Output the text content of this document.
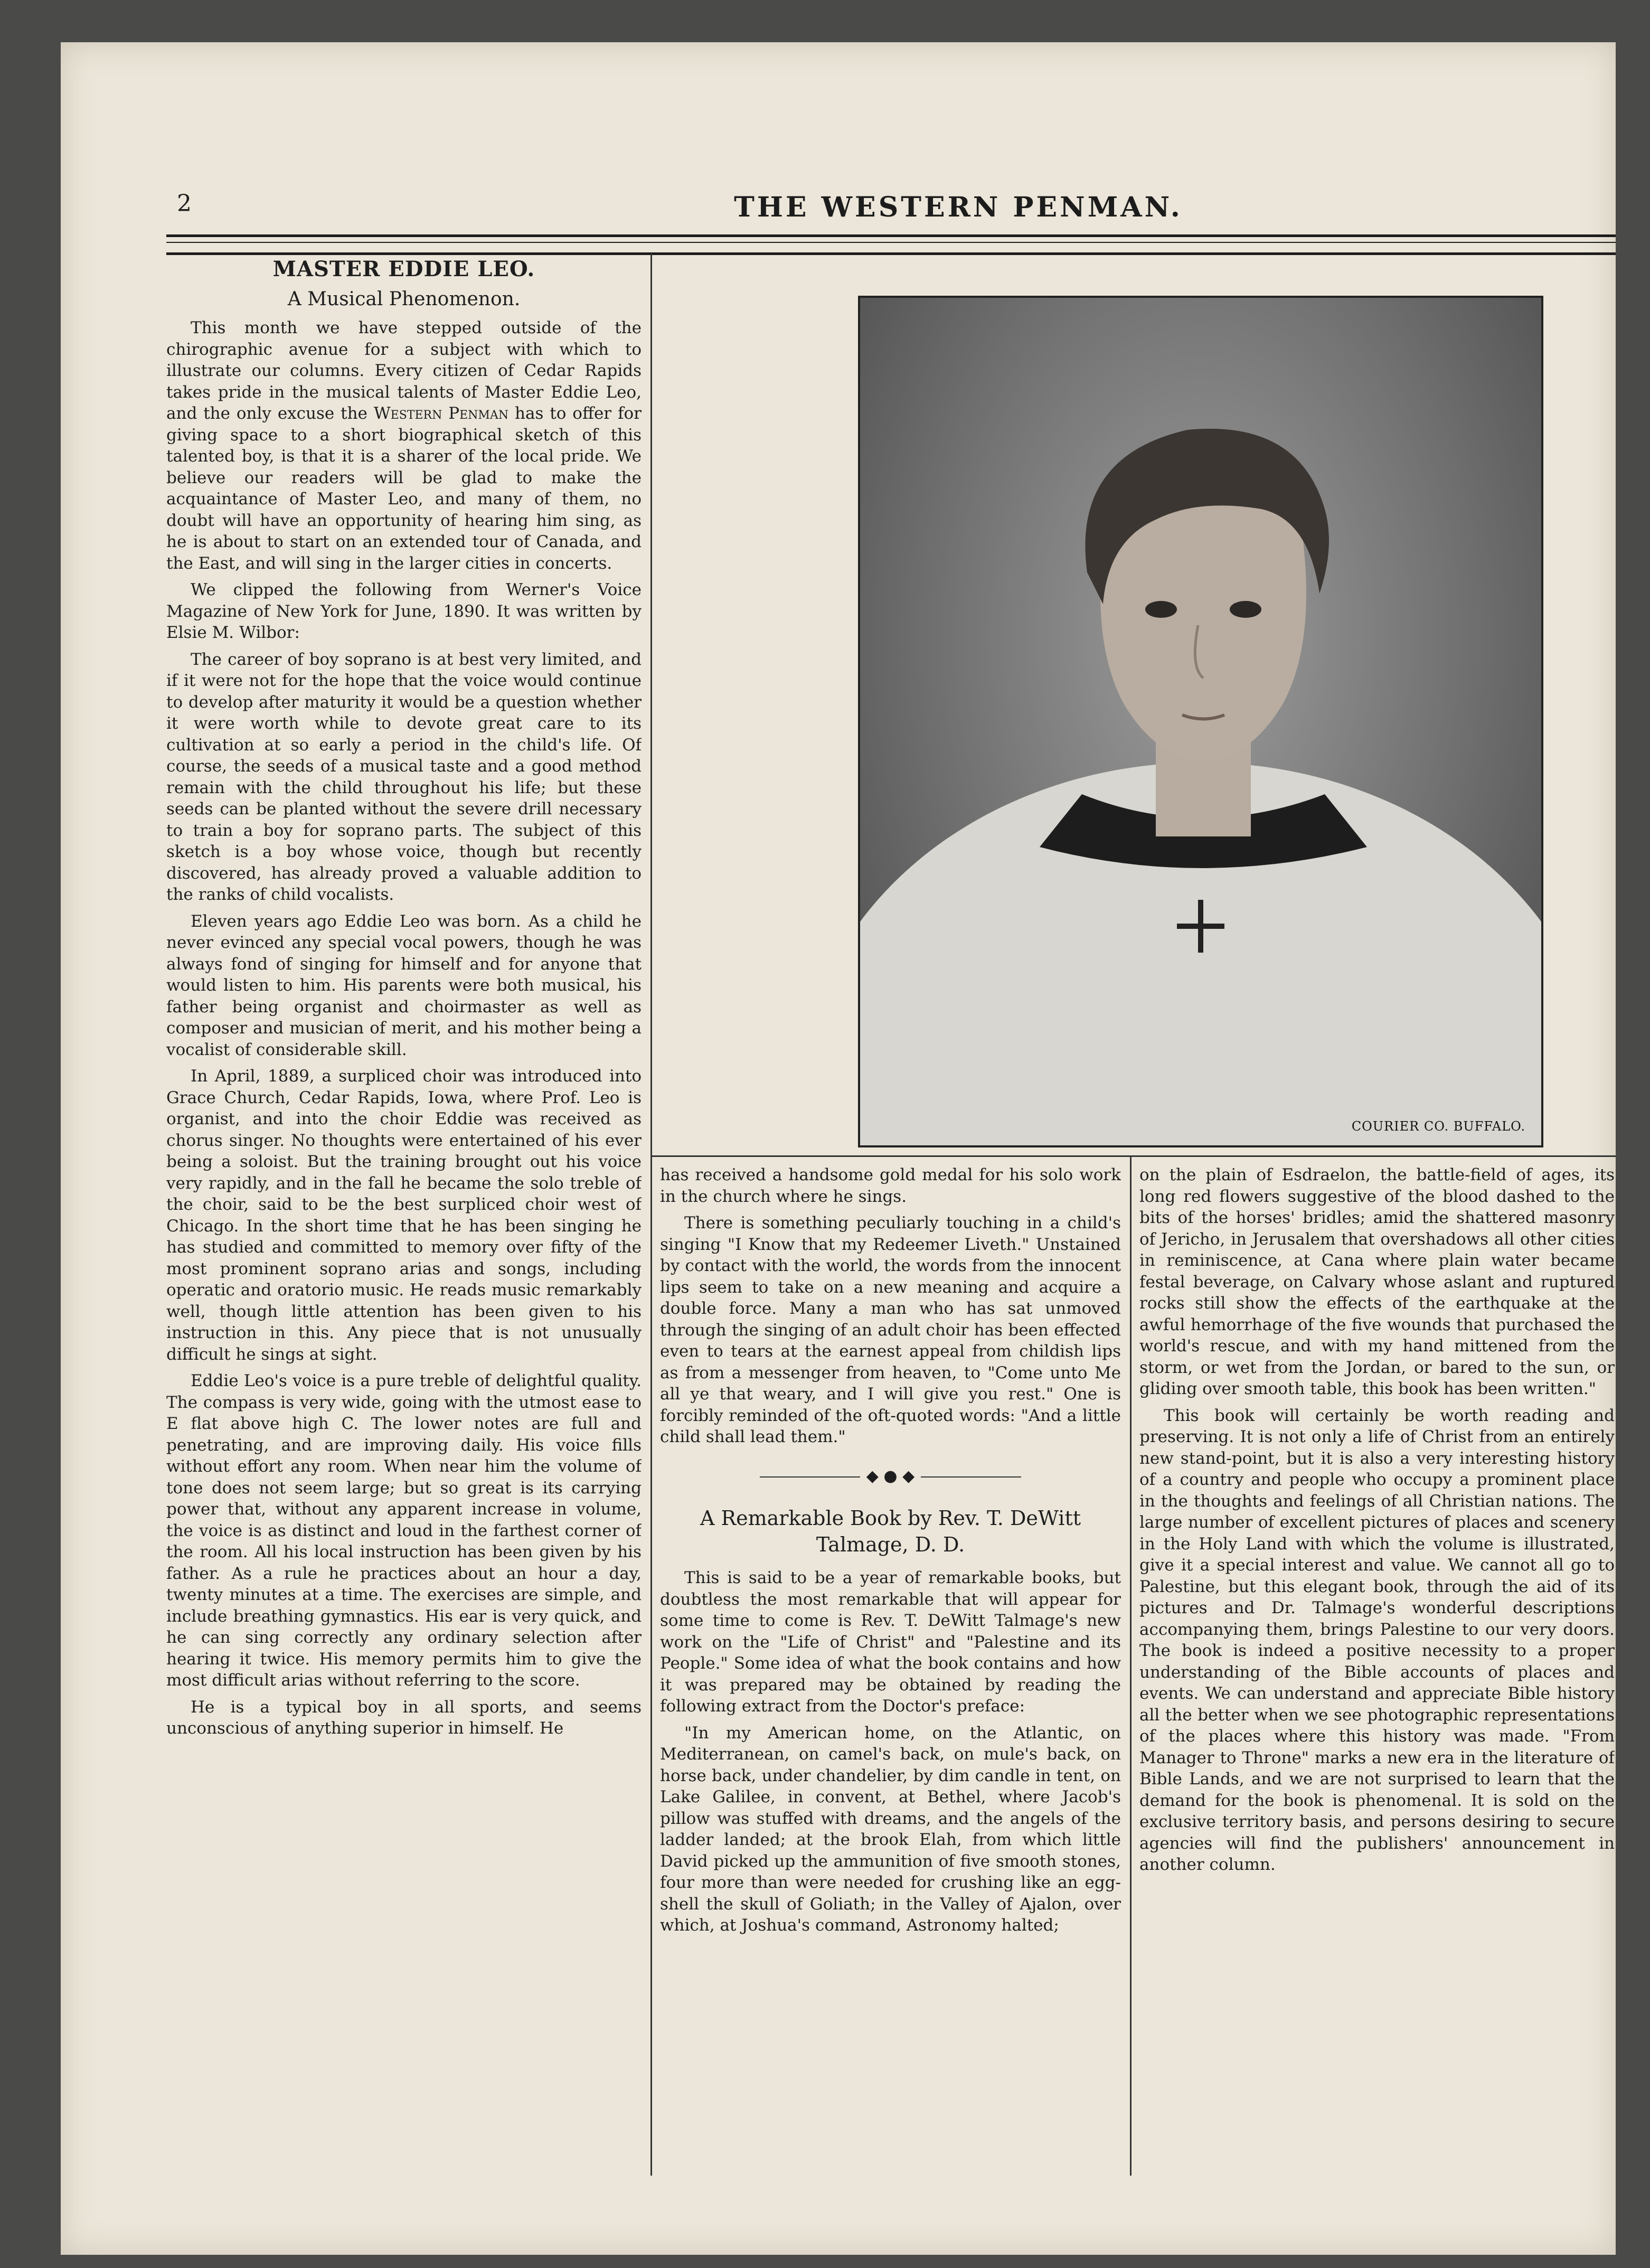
2	THE WESTERN PENMAN.
MASTER EDDIE LEO.
A Musical Phenomenon.

This month we have stepped outside of the chirographic avenue for a subject with which to illustrate our columns. Every citizen of Cedar Rapids takes pride in the musical talents of Master Eddie Leo, and the only excuse the Western Penman has to offer for giving space to a short biographical sketch of this talented boy, is that it is a sharer of the local pride. We believe our readers will be glad to make the acquaintance of Master Leo, and many of them, no doubt will have an opportunity of hearing him sing, as he is about to start on an extended tour of Canada, and the East, and will sing in the larger cities in concerts.

We clipped the following from Werner's Voice Magazine of New York for June, 1890. It was written by Elsie M. Wilbor:

The career of boy soprano is at best very limited, and if it were not for the hope that the voice would continue to develop after maturity it would be a question whether it were worth while to devote great care to its cultivation at so early a period in the child's life. Of course, the seeds of a musical taste and a good method remain with the child throughout his life; but these seeds can be planted without the severe drill necessary to train a boy for soprano parts. The subject of this sketch is a boy whose voice, though but recently discovered, has already proved a valuable addition to the ranks of child vocalists.

Eleven years ago Eddie Leo was born. As a child he never evinced any special vocal powers, though he was always fond of singing for himself and for anyone that would listen to him. His parents were both musical, his father being organist and choirmaster as well as composer and musician of merit, and his mother being a vocalist of considerable skill.

In April, 1889, a surpliced choir was introduced into Grace Church, Cedar Rapids, Iowa, where Prof. Leo is organist, and into the choir Eddie was received as chorus singer. No thoughts were entertained of his ever being a soloist. But the training brought out his voice very rapidly, and in the fall he became the solo treble of the choir, said to be the best surpliced choir west of Chicago. In the short time that he has been singing he has studied and committed to memory over fifty of the most prominent soprano arias and songs, including operatic and oratorio music. He reads music remarkably well, though little attention has been given to his instruction in this. Any piece that is not unusually difficult he sings at sight.

Eddie Leo's voice is a pure treble of delightful quality. The compass is very wide, going with the utmost ease to E flat above high C. The lower notes are full and penetrating, and are improving daily. His voice fills without effort any room. When near him the volume of tone does not seem large; but so great is its carrying power that, without any apparent increase in volume, the voice is as distinct and loud in the farthest corner of the room. All his local instruction has been given by his father. As a rule he practices about an hour a day, twenty minutes at a time. The exercises are simple, and include breathing gymnastics. His ear is very quick, and he can sing correctly any ordinary selection after hearing it twice. His memory permits him to give the most difficult arias without referring to the score.

He is a typical boy in all sports, and seems unconscious of anything superior in himself. He

COURIER CO. BUFFALO.

has received a handsome gold medal for his solo work in the church where he sings.

There is something peculiarly touching in a child's singing "I Know that my Redeemer Liveth." Unstained by contact with the world, the words from the innocent lips seem to take on a new meaning and acquire a double force. Many a man who has sat unmoved through the singing of an adult choir has been effected even to tears at the earnest appeal from childish lips as from a messenger from heaven, to "Come unto Me all ye that weary, and I will give you rest." One is forcibly reminded of the oft-quoted words: "And a little child shall lead them."

◆ ● ◆
A Remarkable Book by Rev. T. DeWitt Talmage, D. D.

This is said to be a year of remarkable books, but doubtless the most remarkable that will appear for some time to come is Rev. T. DeWitt Talmage's new work on the "Life of Christ" and "Palestine and its People." Some idea of what the book contains and how it was prepared may be obtained by reading the following extract from the Doctor's preface:

"In my American home, on the Atlantic, on Mediterranean, on camel's back, on mule's back, on horse back, under chandelier, by dim candle in tent, on Lake Galilee, in convent, at Bethel, where Jacob's pillow was stuffed with dreams, and the angels of the ladder landed; at the brook Elah, from which little David picked up the ammunition of five smooth stones, four more than were needed for crushing like an egg-shell the skull of Goliath; in the Valley of Ajalon, over which, at Joshua's command, Astronomy halted;

on the plain of Esdraelon, the battle-field of ages, its long red flowers suggestive of the blood dashed to the bits of the horses' bridles; amid the shattered masonry of Jericho, in Jerusalem that overshadows all other cities in reminiscence, at Cana where plain water became festal beverage, on Calvary whose aslant and ruptured rocks still show the effects of the earthquake at the awful hemorrhage of the five wounds that purchased the world's rescue, and with my hand mittened from the storm, or wet from the Jordan, or bared to the sun, or gliding over smooth table, this book has been written."

This book will certainly be worth reading and preserving. It is not only a life of Christ from an entirely new stand-point, but it is also a very interesting history of a country and people who occupy a prominent place in the thoughts and feelings of all Christian nations. The large number of excellent pictures of places and scenery in the Holy Land with which the volume is illustrated, give it a special interest and value. We cannot all go to Palestine, but this elegant book, through the aid of its pictures and Dr. Talmage's wonderful descriptions accompanying them, brings Palestine to our very doors. The book is indeed a positive necessity to a proper understanding of the Bible accounts of places and events. We can understand and appreciate Bible history all the better when we see photographic representations of the places where this history was made. "From Manager to Throne" marks a new era in the literature of Bible Lands, and we are not surprised to learn that the demand for the book is phenomenal. It is sold on the exclusive territory basis, and persons desiring to secure agencies will find the publishers' announcement in another column.
